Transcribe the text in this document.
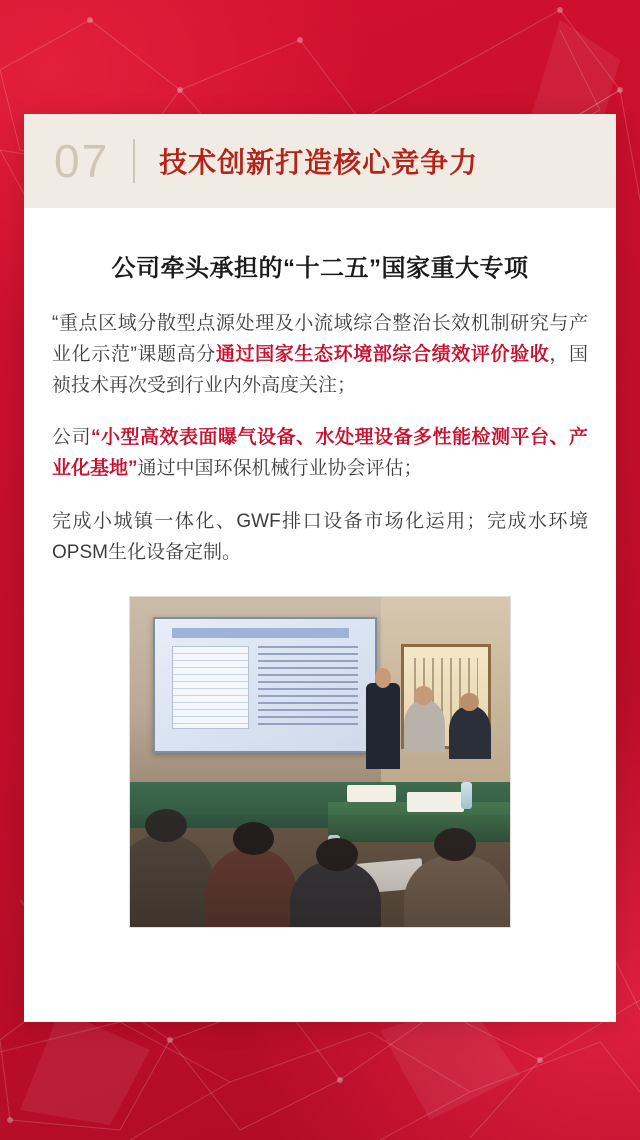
07	技术创新打造核心竞争力
公司牵头承担的“十二五”国家重大专项

“重点区域分散型点源处理及小流域综合整治长效机制研究与产业化示范”课题高分通过国家生态环境部综合绩效评价验收，国祯技术再次受到行业内外高度关注；

公司“小型高效表面曝气设备、水处理设备多性能检测平台、产业化基地”通过中国环保机械行业协会评估；

完成小城镇一体化、GWF排口设备市场化运用；完成水环境OPSM生化设备定制。
